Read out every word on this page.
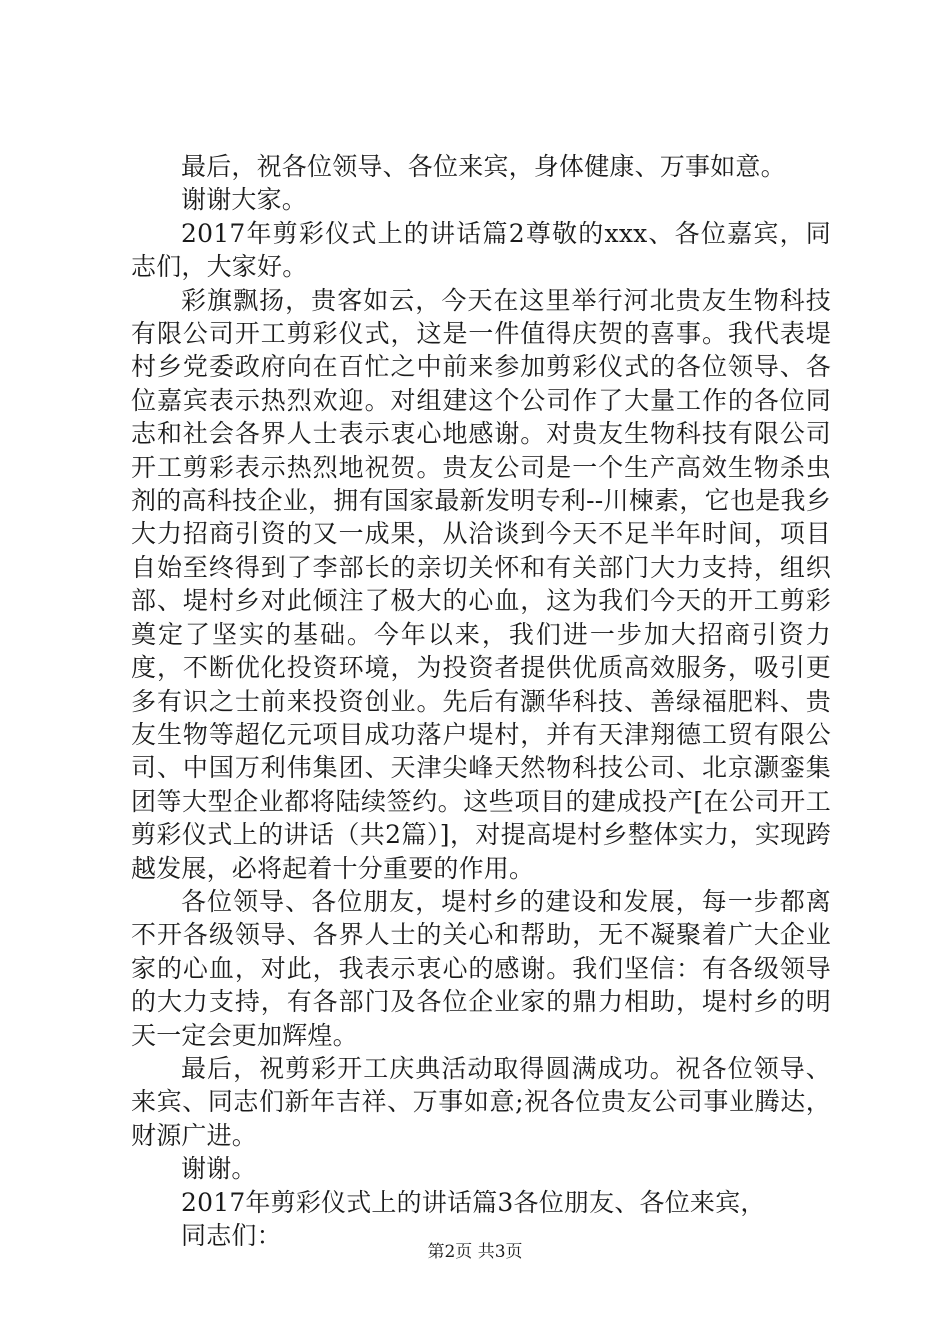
最后，祝各位领导、各位来宾，身体健康、万事如意。

谢谢大家。

2017年剪彩仪式上的讲话篇2尊敬的xxx、各位嘉宾，同志们，大家好。

彩旗飘扬，贵客如云，今天在这里举行河北贵友生物科技有限公司开工剪彩仪式，这是一件值得庆贺的喜事。我代表堤村乡党委政府向在百忙之中前来参加剪彩仪式的各位领导、各位嘉宾表示热烈欢迎。对组建这个公司作了大量工作的各位同志和社会各界人士表示衷心地感谢。对贵友生物科技有限公司开工剪彩表示热烈地祝贺。贵友公司是一个生产高效生物杀虫剂的高科技企业，拥有国家最新发明专利--川楝素，它也是我乡大力招商引资的又一成果，从洽谈到今天不足半年时间，项目自始至终得到了李部长的亲切关怀和有关部门大力支持，组织部、堤村乡对此倾注了极大的心血，这为我们今天的开工剪彩奠定了坚实的基础。今年以来，我们进一步加大招商引资力度，不断优化投资环境，为投资者提供优质高效服务，吸引更多有识之士前来投资创业。先后有灏华科技、善绿福肥料、贵友生物等超亿元项目成功落户堤村，并有天津翔德工贸有限公司、中国万利伟集团、天津尖峰天然物科技公司、北京灏銮集团等大型企业都将陆续签约。这些项目的建成投产[在公司开工剪彩仪式上的讲话（共2篇）]，对提高堤村乡整体实力，实现跨越发展，必将起着十分重要的作用。

各位领导、各位朋友，堤村乡的建设和发展，每一步都离不开各级领导、各界人士的关心和帮助，无不凝聚着广大企业家的心血，对此，我表示衷心的感谢。我们坚信：有各级领导的大力支持，有各部门及各位企业家的鼎力相助，堤村乡的明天一定会更加辉煌。

最后，祝剪彩开工庆典活动取得圆满成功。祝各位领导、来宾、同志们新年吉祥、万事如意;祝各位贵友公司事业腾达，财源广进。

谢谢。

2017年剪彩仪式上的讲话篇3各位朋友、各位来宾，

同志们：

第2页 共3页
